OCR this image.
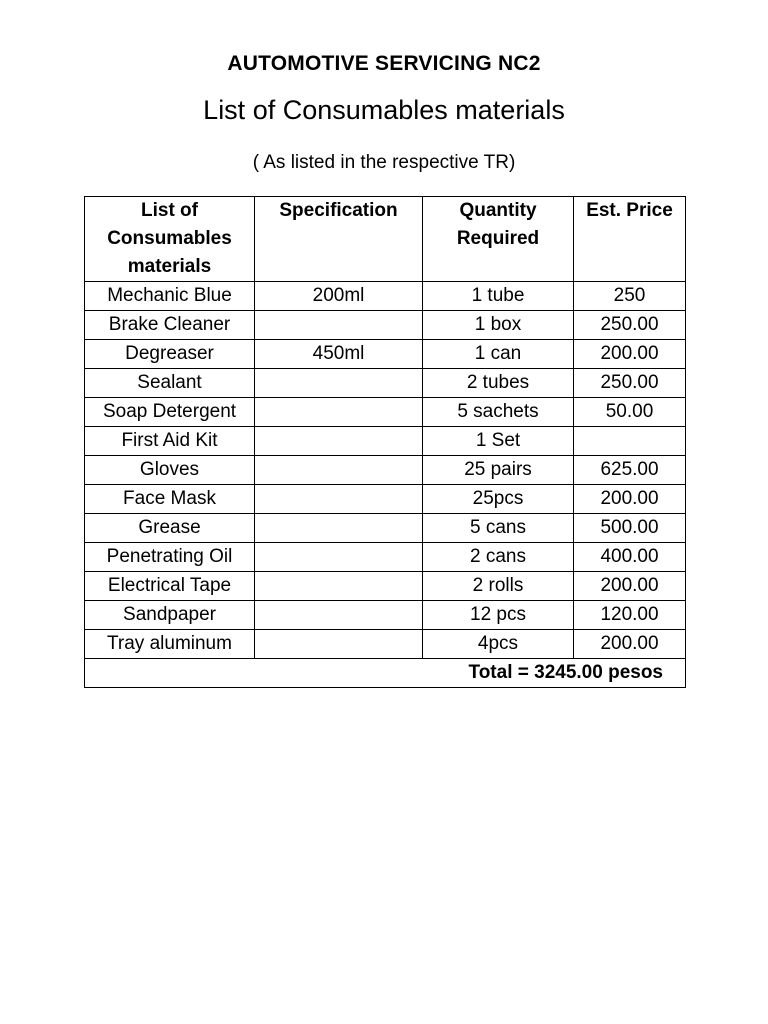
AUTOMOTIVE SERVICING NC2
List of Consumables materials
( As listed in the respective TR)
List of Consumables materials	Specification	Quantity Required	Est. Price
Mechanic Blue	200ml	1 tube	250
Brake Cleaner		1 box	250.00
Degreaser	450ml	1 can	200.00
Sealant		2 tubes	250.00
Soap Detergent		5 sachets	50.00
First Aid Kit		1 Set	
Gloves		25 pairs	625.00
Face Mask		25pcs	200.00
Grease		5 cans	500.00
Penetrating Oil		2 cans	400.00
Electrical Tape		2 rolls	200.00
Sandpaper		12 pcs	120.00
Tray aluminum		4pcs	200.00
Total = 3245.00 pesos			
